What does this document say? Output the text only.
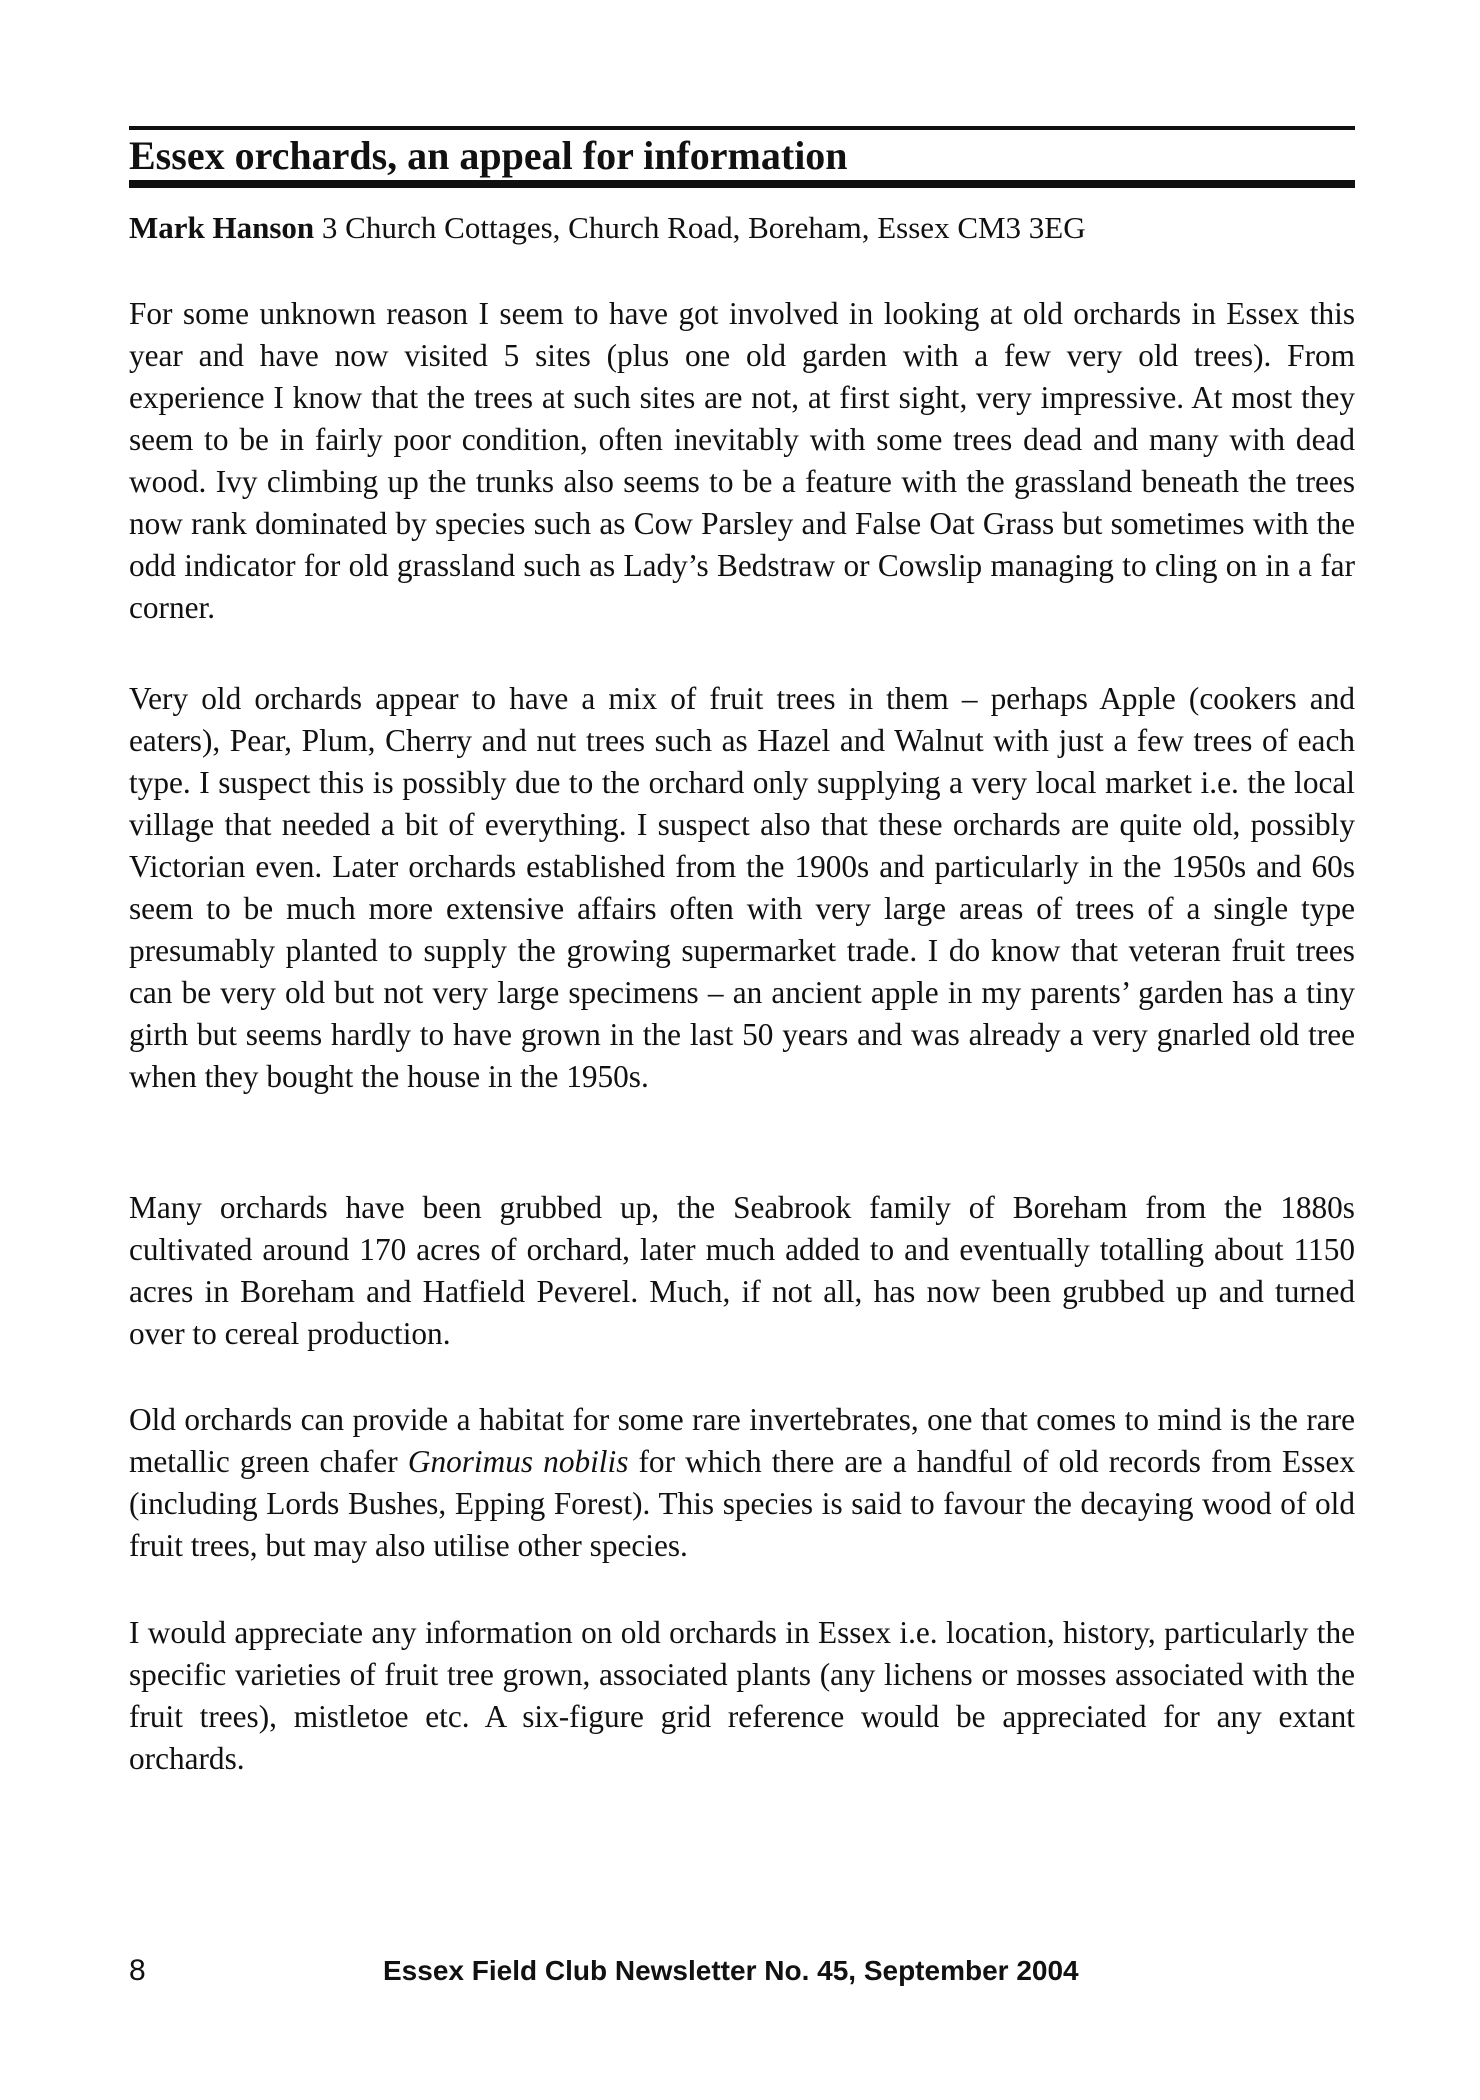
Essex orchards, an appeal for information

Mark Hanson 3 Church Cottages, Church Road, Boreham, Essex CM3 3EG

For some unknown reason I seem to have got involved in looking at old orchards in Essex this year and have now visited 5 sites (plus one old garden with a few very old trees). From experience I know that the trees at such sites are not, at first sight, very impressive. At most they seem to be in fairly poor condition, often inevitably with some trees dead and many with dead wood. Ivy climbing up the trunks also seems to be a feature with the grassland beneath the trees now rank dominated by species such as Cow Parsley and False Oat Grass but sometimes with the odd indicator for old grassland such as Lady’s Bedstraw or Cowslip managing to cling on in a far corner.

Very old orchards appear to have a mix of fruit trees in them – perhaps Apple (cookers and eaters), Pear, Plum, Cherry and nut trees such as Hazel and Walnut with just a few trees of each type. I suspect this is possibly due to the orchard only supplying a very local market i.e. the local village that needed a bit of everything. I suspect also that these orchards are quite old, possibly Victorian even. Later orchards established from the 1900s and particularly in the 1950s and 60s seem to be much more extensive affairs often with very large areas of trees of a single type presumably planted to supply the growing supermarket trade. I do know that veteran fruit trees can be very old but not very large specimens – an ancient apple in my parents’ garden has a tiny girth but seems hardly to have grown in the last 50 years and was already a very gnarled old tree when they bought the house in the 1950s.

Many orchards have been grubbed up, the Seabrook family of Boreham from the 1880s cultivated around 170 acres of orchard, later much added to and eventually totalling about 1150 acres in Boreham and Hatfield Peverel. Much, if not all, has now been grubbed up and turned over to cereal production.

Old orchards can provide a habitat for some rare invertebrates, one that comes to mind is the rare metallic green chafer Gnorimus nobilis for which there are a handful of old records from Essex (including Lords Bushes, Epping Forest). This species is said to favour the decaying wood of old fruit trees, but may also utilise other species.

I would appreciate any information on old orchards in Essex i.e. location, history, particularly the specific varieties of fruit tree grown, associated plants (any lichens or mosses associated with the fruit trees), mistletoe etc. A six-figure grid reference would be appreciated for any extant orchards.

8	Essex Field Club Newsletter No. 45, September 2004
